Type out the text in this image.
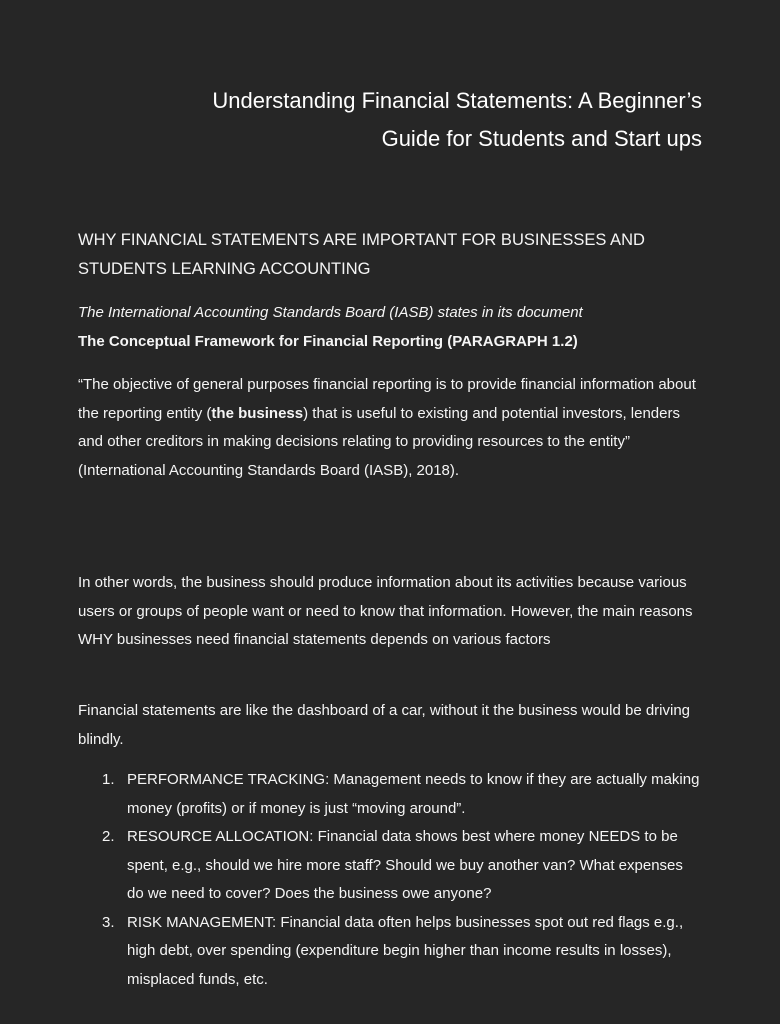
Understanding Financial Statements: A Beginner’s
Guide for Students and Start ups
WHY FINANCIAL STATEMENTS ARE IMPORTANT FOR BUSINESSES AND STUDENTS LEARNING ACCOUNTING
The International Accounting Standards Board (IASB) states in its document
The Conceptual Framework for Financial Reporting (PARAGRAPH 1.2)
“The objective of general purposes financial reporting is to provide financial information about the reporting entity (the business) that is useful to existing and potential investors, lenders and other creditors in making decisions relating to providing resources to the entity” (International Accounting Standards Board (IASB), 2018).
In other words, the business should produce information about its activities because various users or groups of people want or need to know that information. However, the main reasons WHY businesses need financial statements depends on various factors
Financial statements are like the dashboard of a car, without it the business would be driving blindly.
1. PERFORMANCE TRACKING: Management needs to know if they are actually making money (profits) or if money is just “moving around”.
2. RESOURCE ALLOCATION: Financial data shows best where money NEEDS to be spent, e.g., should we hire more staff? Should we buy another van? What expenses do we need to cover? Does the business owe anyone?
3. RISK MANAGEMENT: Financial data often helps businesses spot out red flags e.g., high debt, over spending (expenditure begin higher than income results in losses), misplaced funds, etc.
